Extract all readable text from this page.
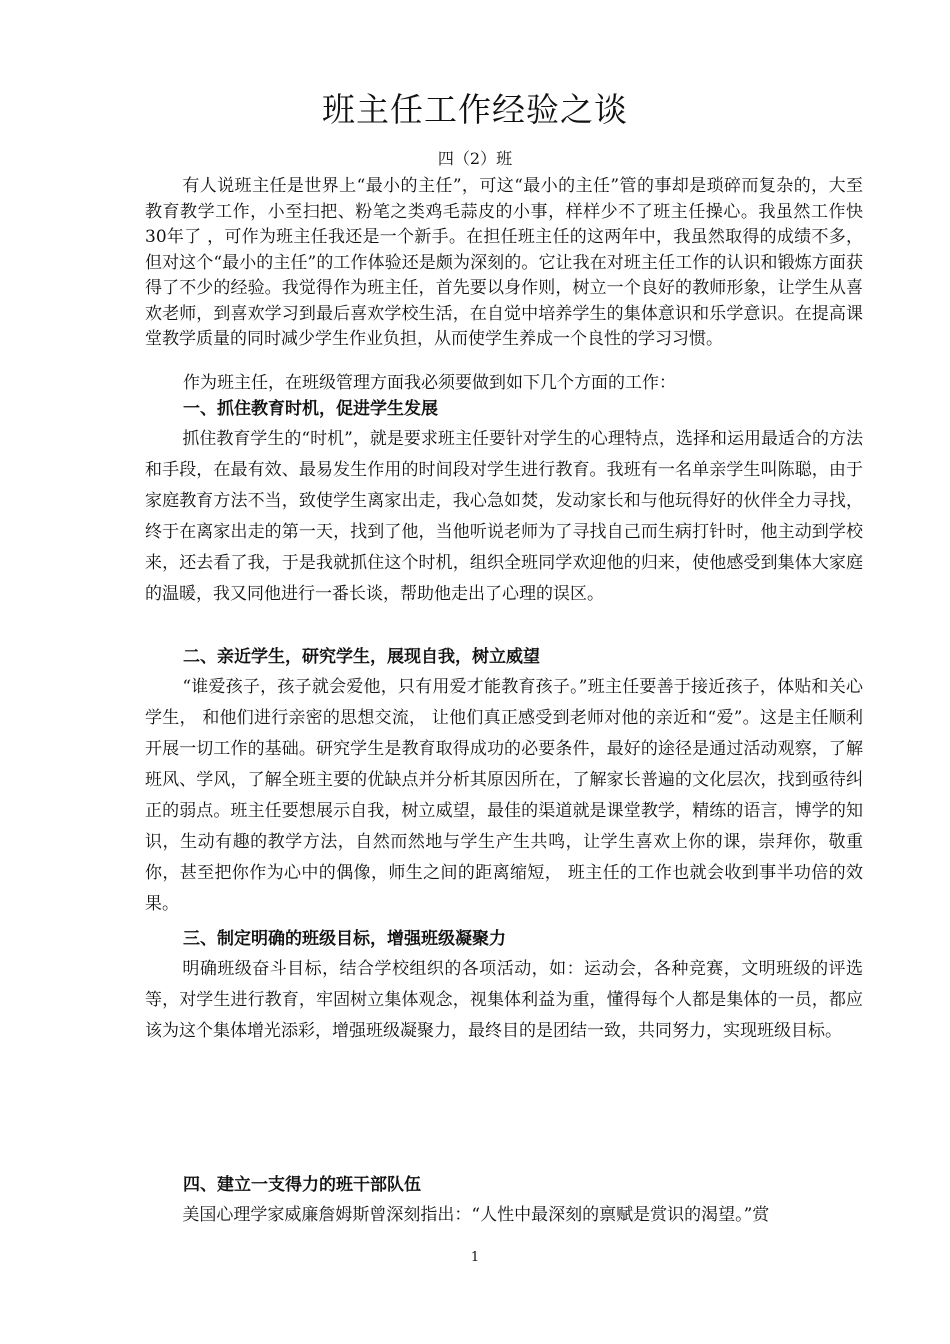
班主任工作经验之谈
四（2）班
有人说班主任是世界上“最小的主任”，可这“最小的主任”管的事却是琐碎而复杂的，大至教育教学工作，小至扫把、粉笔之类鸡毛蒜皮的小事，样样少不了班主任操心。我虽然工作快30年了 ，可作为班主任我还是一个新手。在担任班主任的这两年中，我虽然取得的成绩不多，但对这个“最小的主任”的工作体验还是颇为深刻的。它让我在对班主任工作的认识和锻炼方面获得了不少的经验。我觉得作为班主任，首先要以身作则，树立一个良好的教师形象，让学生从喜欢老师，到喜欢学习到最后喜欢学校生活，在自觉中培养学生的集体意识和乐学意识。在提高课堂教学质量的同时减少学生作业负担，从而使学生养成一个良性的学习习惯。
作为班主任，在班级管理方面我必须要做到如下几个方面的工作：
一、抓住教育时机，促进学生发展

抓住教育学生的“时机”，就是要求班主任要针对学生的心理特点，选择和运用最适合的方法和手段，在最有效、最易发生作用的时间段对学生进行教育。我班有一名单亲学生叫陈聪，由于家庭教育方法不当，致使学生离家出走，我心急如焚，发动家长和与他玩得好的伙伴全力寻找，终于在离家出走的第一天，找到了他，当他听说老师为了寻找自己而生病打针时，他主动到学校来，还去看了我，于是我就抓住这个时机，组织全班同学欢迎他的归来，使他感受到集体大家庭的温暖，我又同他进行一番长谈，帮助他走出了心理的误区。

二、亲近学生，研究学生，展现自我，树立威望

“谁爱孩子，孩子就会爱他，只有用爱才能教育孩子。”班主任要善于接近孩子，体贴和关心学生， 和他们进行亲密的思想交流， 让他们真正感受到老师对他的亲近和“爱”。这是主任顺利开展一切工作的基础。研究学生是教育取得成功的必要条件，最好的途径是通过活动观察，了解班风、学风，了解全班主要的优缺点并分析其原因所在，了解家长普遍的文化层次，找到亟待纠正的弱点。班主任要想展示自我，树立威望，最佳的渠道就是课堂教学，精练的语言，博学的知识，生动有趣的教学方法，自然而然地与学生产生共鸣，让学生喜欢上你的课，崇拜你，敬重你，甚至把你作为心中的偶像，师生之间的距离缩短， 班主任的工作也就会收到事半功倍的效果。

三、制定明确的班级目标，增强班级凝聚力

明确班级奋斗目标，结合学校组织的各项活动，如：运动会，各种竞赛，文明班级的评选等，对学生进行教育，牢固树立集体观念，视集体利益为重，懂得每个人都是集体的一员，都应该为这个集体增光添彩，增强班级凝聚力，最终目的是团结一致，共同努力，实现班级目标。

四、建立一支得力的班干部队伍

美国心理学家威廉詹姆斯曾深刻指出：“人性中最深刻的禀赋是赏识的渴望。”赏

1
